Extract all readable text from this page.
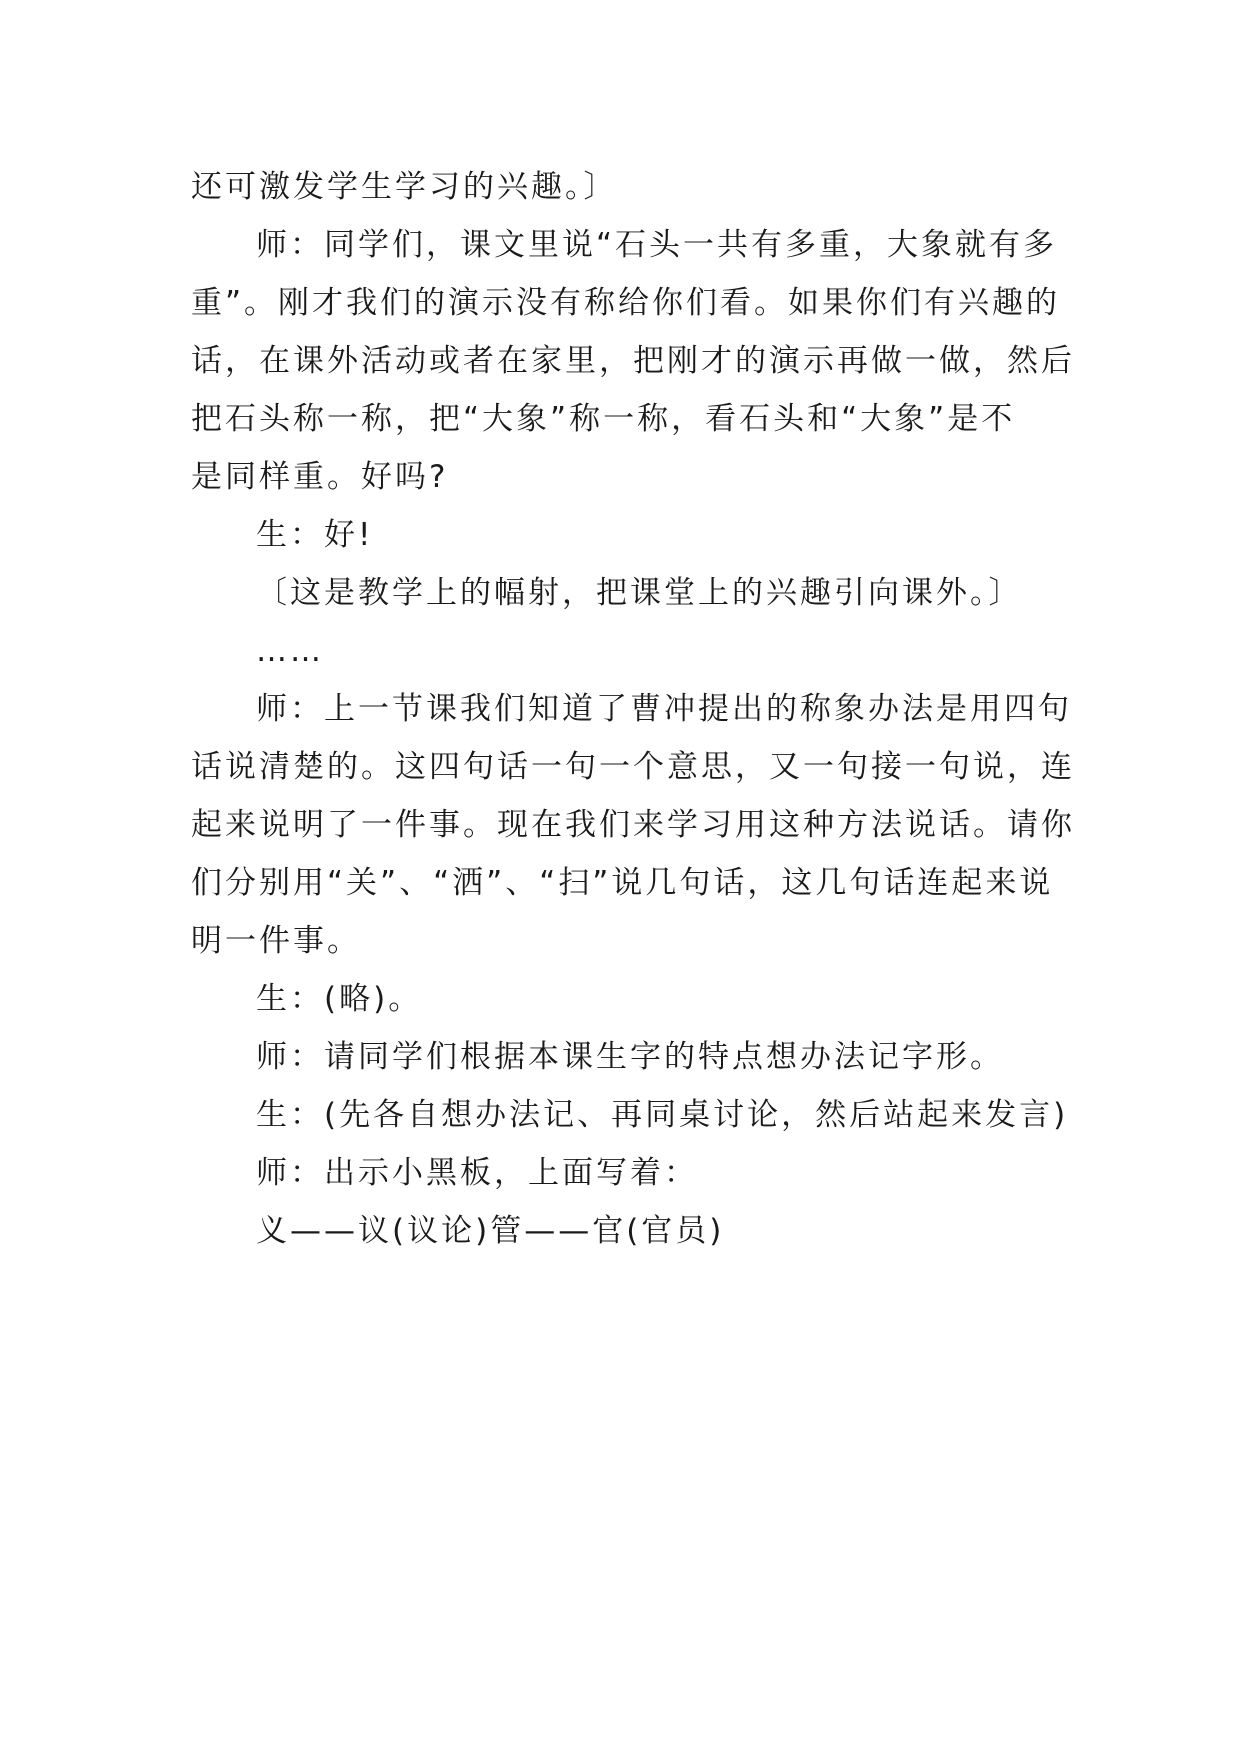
还可激发学生学习的兴趣。〕
师：同学们，课文里说“石头一共有多重，大象就有多
重”。刚才我们的演示没有称给你们看。如果你们有兴趣的
话，在课外活动或者在家里，把刚才的演示再做一做，然后
把石头称一称，把“大象”称一称，看石头和“大象”是不
是同样重。好吗?
生：好!
〔这是教学上的幅射，把课堂上的兴趣引向课外。〕
……
师：上一节课我们知道了曹冲提出的称象办法是用四句
话说清楚的。这四句话一句一个意思，又一句接一句说，连
起来说明了一件事。现在我们来学习用这种方法说话。请你
们分别用“关”、“洒”、“扫”说几句话，这几句话连起来说
明一件事。
生：(略)。
师：请同学们根据本课生字的特点想办法记字形。
生：(先各自想办法记、再同桌讨论，然后站起来发言)
师：出示小黑板，上面写着：
义——议(议论)管——官(官员)
